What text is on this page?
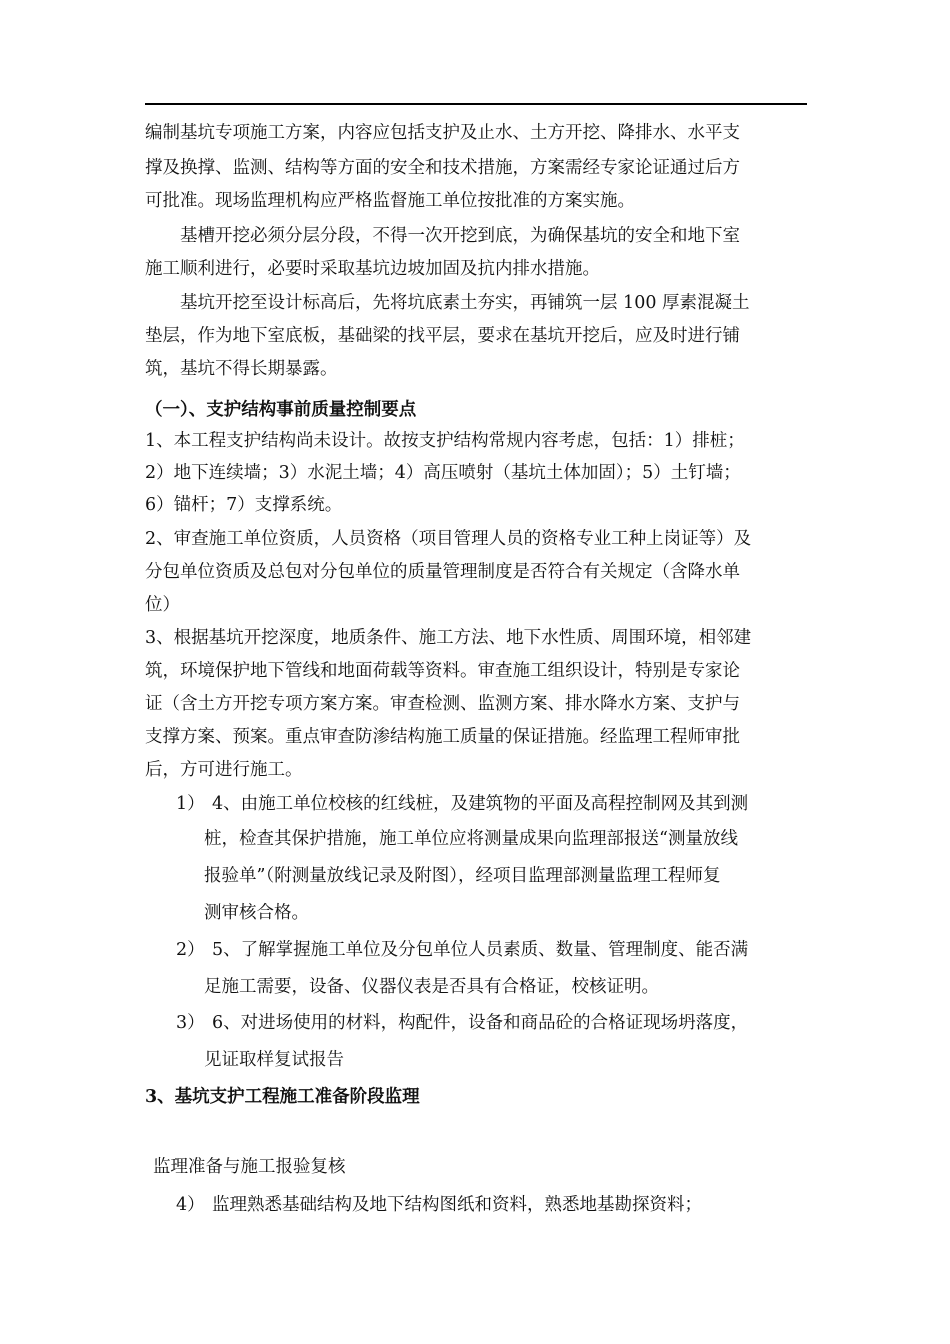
编制基坑专项施工方案，内容应包括支护及止水、土方开挖、降排水、水平支
撑及换撑、监测、结构等方面的安全和技术措施，方案需经专家论证通过后方
可批准。现场监理机构应严格监督施工单位按批准的方案实施。
基槽开挖必须分层分段，不得一次开挖到底，为确保基坑的安全和地下室
施工顺利进行，必要时采取基坑边坡加固及抗内排水措施。
基坑开挖至设计标高后，先将坑底素土夯实，再铺筑一层 100 厚素混凝土
垫层，作为地下室底板，基础梁的找平层，要求在基坑开挖后，应及时进行铺
筑，基坑不得长期暴露。
（一）、支护结构事前质量控制要点
1、本工程支护结构尚未设计。故按支护结构常规内容考虑，包括：1）排桩；
2）地下连续墙；3）水泥土墙；4）高压喷射（基坑土体加固）；5）土钉墙；
6）锚杆；7）支撑系统。
2、审查施工单位资质，人员资格（项目管理人员的资格专业工种上岗证等）及
分包单位资质及总包对分包单位的质量管理制度是否符合有关规定（含降水单
位）
3、根据基坑开挖深度，地质条件、施工方法、地下水性质、周围环境，相邻建
筑，环境保护地下管线和地面荷载等资料。审查施工组织设计，特别是专家论
证（含土方开挖专项方案方案。审查检测、监测方案、排水降水方案、支护与
支撑方案、预案。重点审查防渗结构施工质量的保证措施。经监理工程师审批
后，方可进行施工。
1） 4、由施工单位校核的红线桩，及建筑物的平面及高程控制网及其到测
桩，检查其保护措施，施工单位应将测量成果向监理部报送“测量放线
报验单”（附测量放线记录及附图），经项目监理部测量监理工程师复
测审核合格。
2） 5、了解掌握施工单位及分包单位人员素质、数量、管理制度、能否满
足施工需要，设备、仪器仪表是否具有合格证，校核证明。
3） 6、对进场使用的材料，构配件，设备和商品砼的合格证现场坍落度，
见证取样复试报告
3、基坑支护工程施工准备阶段监理
监理准备与施工报验复核
4） 监理熟悉基础结构及地下结构图纸和资料，熟悉地基勘探资料；
